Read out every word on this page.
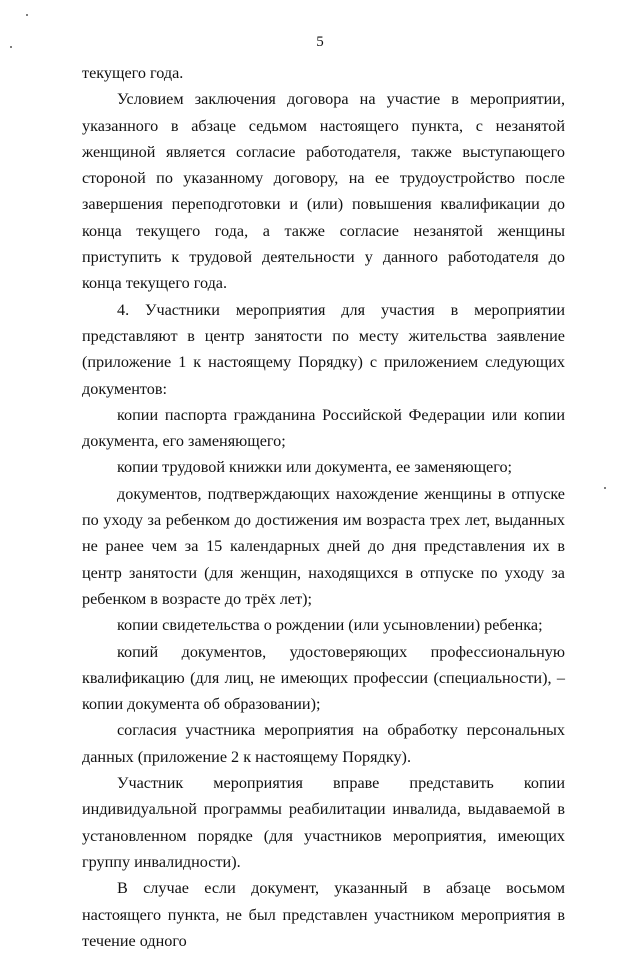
5

текущего года.

Условием заключения договора на участие в мероприятии, указанного в абзаце седьмом настоящего пункта, с незанятой женщиной является согласие работодателя, также выступающего стороной по указанному договору, на ее трудоустройство после завершения переподготовки и (или) повышения квалификации до конца текущего года, а также согласие незанятой женщины приступить к трудовой деятельности у данного работодателя до конца текущего года.

4. Участники мероприятия для участия в мероприятии представляют в центр занятости по месту жительства заявление (приложение 1 к настоящему Порядку) с приложением следующих документов:

копии паспорта гражданина Российской Федерации или копии документа, его заменяющего;

копии трудовой книжки или документа, ее заменяющего;

документов, подтверждающих нахождение женщины в отпуске по уходу за ребенком до достижения им возраста трех лет, выданных не ранее чем за 15 календарных дней до дня представления их в центр занятости (для женщин, находящихся в отпуске по уходу за ребенком в возрасте до трёх лет);

копии свидетельства о рождении (или усыновлении) ребенка;

копий документов, удостоверяющих профессиональную квалификацию (для лиц, не имеющих профессии (специальности), – копии документа об образовании);

согласия участника мероприятия на обработку персональных данных (приложение 2 к настоящему Порядку).

Участник мероприятия вправе представить копии индивидуальной программы реабилитации инвалида, выдаваемой в установленном порядке (для участников мероприятия, имеющих группу инвалидности).

В случае если документ, указанный в абзаце восьмом настоящего пункта, не был представлен участником мероприятия в течение одного
